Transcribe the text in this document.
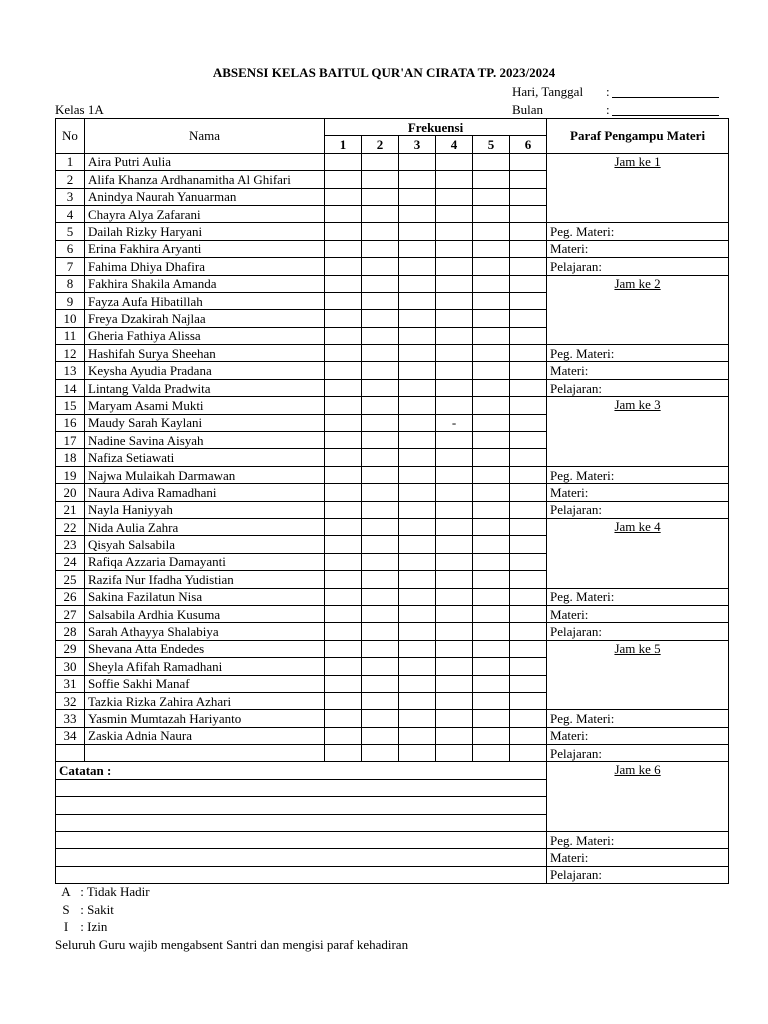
ABSENSI KELAS BAITUL QUR'AN CIRATA TP. 2023/2024
Hari, Tanggal :
Bulan	:
Kelas 1A
No	Nama	Frekuensi						Paraf Pengampu Materi
		1	2	3	4	5	6	
1	Aira Putri Aulia							Jam ke 1
2	Alifa Khanza Ardhanamitha Al Ghifari							
3	Anindya Naurah Yanuarman							
4	Chayra Alya Zafarani							
5	Dailah Rizky Haryani							Peg. Materi:
6	Erina Fakhira Aryanti							Materi:
7	Fahima Dhiya Dhafira							Pelajaran:
8	Fakhira Shakila Amanda							Jam ke 2
9	Fayza Aufa Hibatillah							
10	Freya Dzakirah Najlaa							
11	Gheria Fathiya Alissa							
12	Hashifah Surya Sheehan							Peg. Materi:
13	Keysha Ayudia Pradana							Materi:
14	Lintang Valda Pradwita							Pelajaran:
15	Maryam Asami Mukti							Jam ke 3
16	Maudy Sarah Kaylani				-			
17	Nadine Savina Aisyah							
18	Nafiza Setiawati							
19	Najwa Mulaikah Darmawan							Peg. Materi:
20	Naura Adiva Ramadhani							Materi:
21	Nayla Haniyyah							Pelajaran:
22	Nida Aulia Zahra							Jam ke 4
23	Qisyah Salsabila							
24	Rafiqa Azzaria Damayanti							
25	Razifa Nur Ifadha Yudistian							
26	Sakina Fazilatun Nisa							Peg. Materi:
27	Salsabila Ardhia Kusuma							Materi:
28	Sarah Athayya Shalabiya							Pelajaran:
29	Shevana Atta Endedes							Jam ke 5
30	Sheyla Afifah Ramadhani							
31	Soffie Sakhi Manaf							
32	Tazkia Rizka Zahira Azhari							
33	Yasmin Mumtazah Hariyanto							Peg. Materi:
34	Zaskia Adnia Naura							Materi:
								Pelajaran:
Catatan :								Jam ke 6

								Peg. Materi:
								Materi:
								Pelajaran:
A : Tidak Hadir
S : Sakit
I : Izin
Seluruh Guru wajib mengabsent Santri dan mengisi paraf kehadiran
